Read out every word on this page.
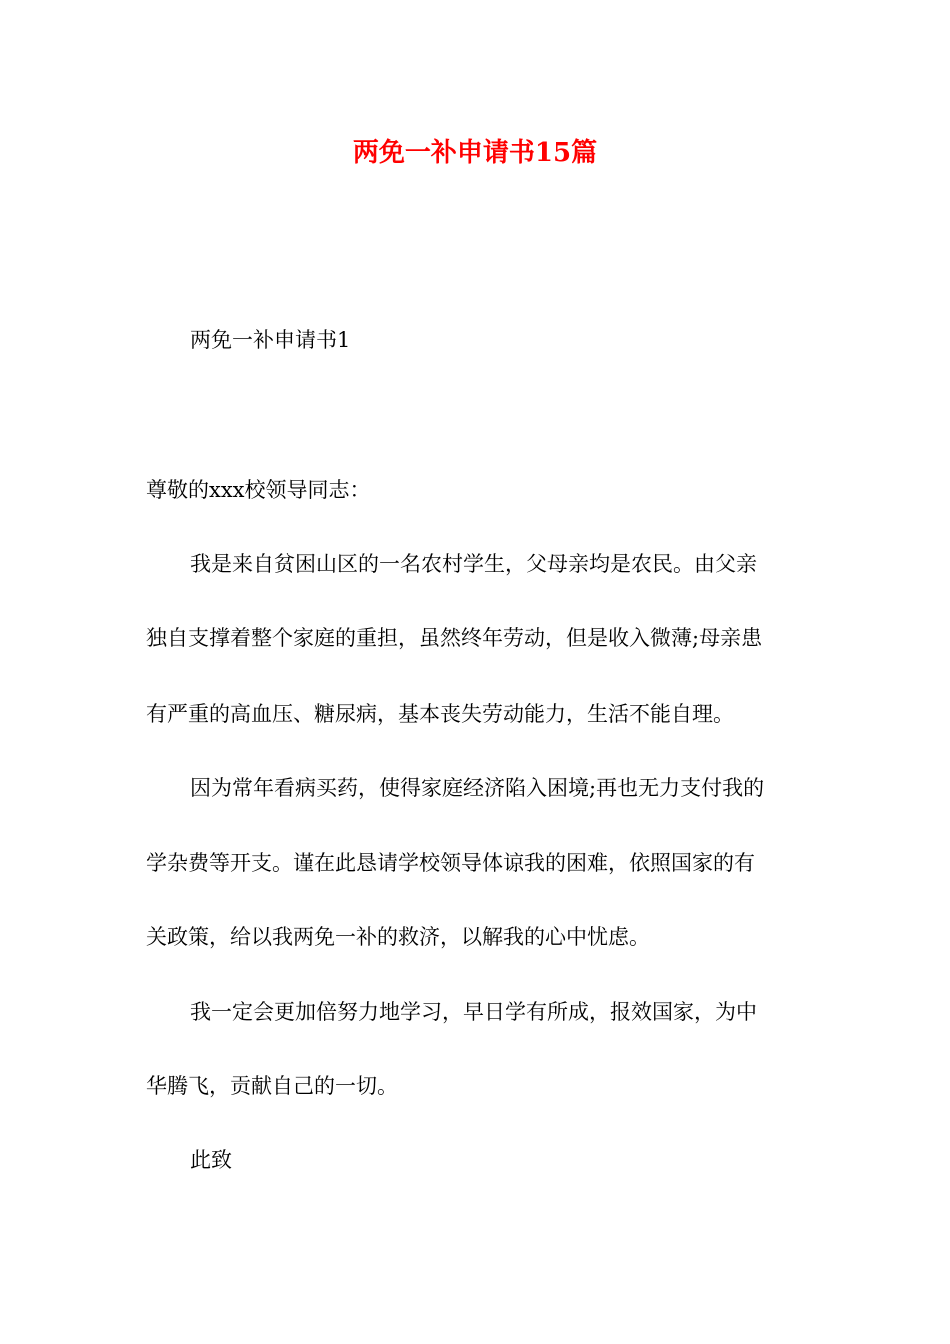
两免一补申请书15篇
两免一补申请书1
尊敬的xxx校领导同志：
我是来自贫困山区的一名农村学生，父母亲均是农民。由父亲
独自支撑着整个家庭的重担，虽然终年劳动，但是收入微薄;母亲患
有严重的高血压、糖尿病，基本丧失劳动能力，生活不能自理。
因为常年看病买药，使得家庭经济陷入困境;再也无力支付我的
学杂费等开支。谨在此恳请学校领导体谅我的困难，依照国家的有
关政策，给以我两免一补的救济，以解我的心中忧虑。
我一定会更加倍努力地学习，早日学有所成，报效国家，为中
华腾飞，贡献自己的一切。
此致
